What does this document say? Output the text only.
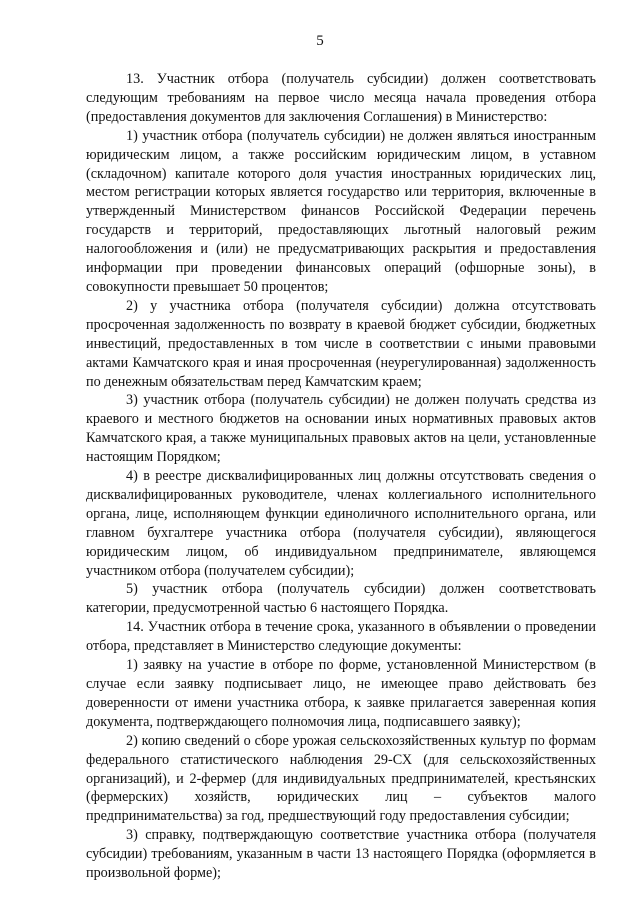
5

13. Участник отбора (получатель субсидии) должен соответствовать следующим требованиям на первое число месяца начала проведения отбора (предоставления документов для заключения Соглашения) в Министерство:

1) участник отбора (получатель субсидии) не должен являться иностранным юридическим лицом, а также российским юридическим лицом, в уставном (складочном) капитале которого доля участия иностранных юридических лиц, местом регистрации которых является государство или территория, включенные в утвержденный Министерством финансов Российской Федерации перечень государств и территорий, предоставляющих льготный налоговый режим налогообложения и (или) не предусматривающих раскрытия и предоставления информации при проведении финансовых операций (офшорные зоны), в совокупности превышает 50 процентов;

2) у участника отбора (получателя субсидии) должна отсутствовать просроченная задолженность по возврату в краевой бюджет субсидии, бюджетных инвестиций, предоставленных в том числе в соответствии с иными правовыми актами Камчатского края и иная просроченная (неурегулированная) задолженность по денежным обязательствам перед Камчатским краем;

3) участник отбора (получатель субсидии) не должен получать средства из краевого и местного бюджетов на основании иных нормативных правовых актов Камчатского края, а также муниципальных правовых актов на цели, установленные настоящим Порядком;

4) в реестре дисквалифицированных лиц должны отсутствовать сведения о дисквалифицированных руководителе, членах коллегиального исполнительного органа, лице, исполняющем функции единоличного исполнительного органа, или главном бухгалтере участника отбора (получателя субсидии), являющегося юридическим лицом, об индивидуальном предпринимателе, являющемся участником отбора (получателем субсидии);

5) участник отбора (получатель субсидии) должен соответствовать категории, предусмотренной частью 6 настоящего Порядка.

14. Участник отбора в течение срока, указанного в объявлении о проведении отбора, представляет в Министерство следующие документы:

1) заявку на участие в отборе по форме, установленной Министерством (в случае если заявку подписывает лицо, не имеющее право действовать без доверенности от имени участника отбора, к заявке прилагается заверенная копия документа, подтверждающего полномочия лица, подписавшего заявку);

2) копию сведений о сборе урожая сельскохозяйственных культур по формам федерального статистического наблюдения 29-СХ (для сельскохозяйственных организаций), и 2-фермер (для индивидуальных предпринимателей, крестьянских (фермерских) хозяйств, юридических лиц – субъектов малого предпринимательства) за год, предшествующий году предоставления субсидии;

3) справку, подтверждающую соответствие участника отбора (получателя субсидии) требованиям, указанным в части 13 настоящего Порядка (оформляется в произвольной форме);
